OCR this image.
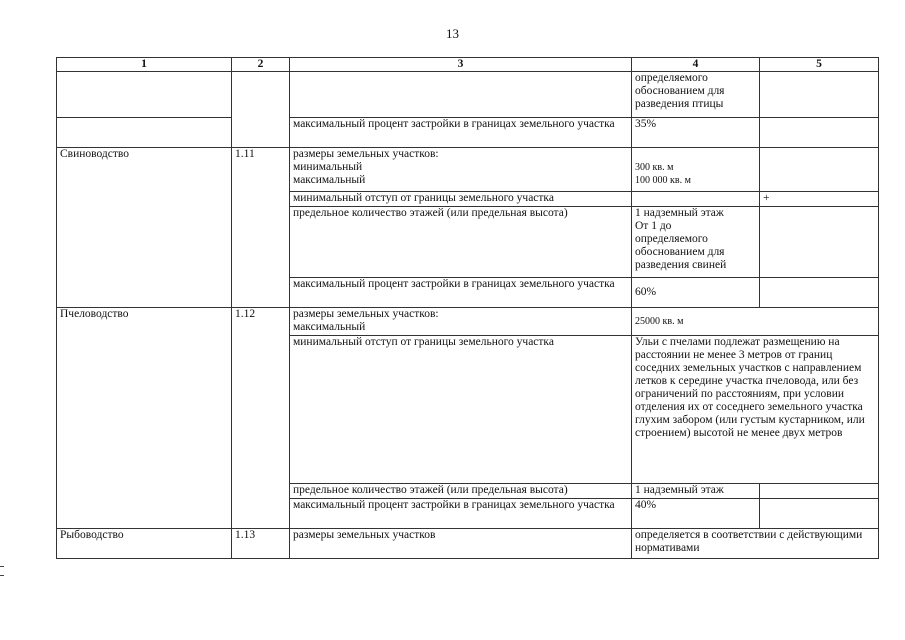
13
1	2	3	4	5

			определяемого
обоснованием для
разведения птицы	

		максимальный процент застройки в границах земельного участка	35%	
Свиноводство	1.11	размеры земельных участков:
минимальный
максимальный	300 кв. м
100 000 кв. м	

		минимальный отступ от границы земельного участка		+
		предельное количество этажей (или предельная высота)	1 надземный этаж
От 1 до
определяемого
обоснованием для
разведения свиней	

		максимальный процент застройки в границах земельного участка	60%	
Пчеловодство	1.12	размеры земельных участков:
максимальный	25000 кв. м	
		минимальный отступ от границы земельного участка	Ульи с пчелами подлежат размещению на расстоянии не менее 3 метров от границ соседних земельных участков с направлением летков к середине участка пчеловода, или без ограничений по расстояниям, при условии отделения их от соседнего земельного участка глухим забором (или густым кустарником, или строением) высотой не менее двух метров	
		предельное количество этажей (или предельная высота)	1 надземный этаж	
		максимальный процент застройки в границах земельного участка	40%	
Рыбоводство	1.13	размеры земельных участков	определяется в соответствии с действующими нормативами	
